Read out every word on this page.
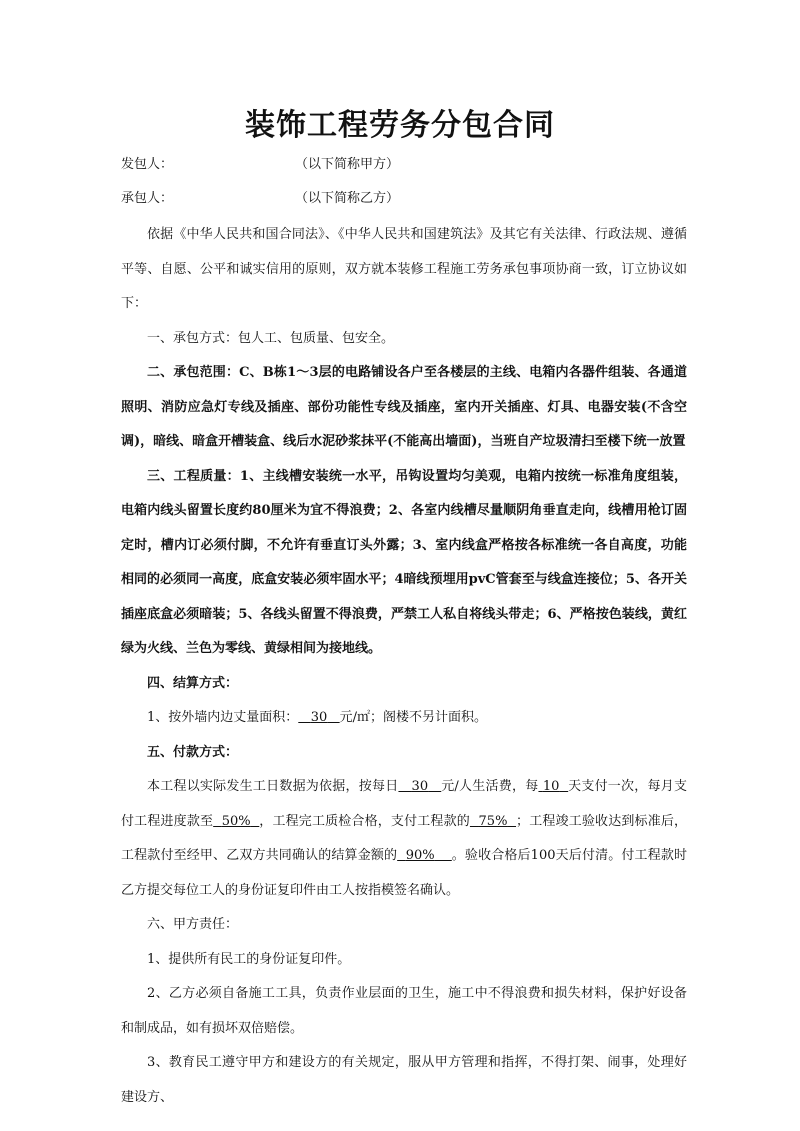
装饰工程劳务分包合同
发包人：	（以下简称甲方）
承包人：	（以下简称乙方）

依据《中华人民共和国合同法》、《中华人民共和国建筑法》及其它有关法律、行政法规、遵循平等、自愿、公平和诚实信用的原则，双方就本装修工程施工劳务承包事项协商一致，订立协议如下：

一、承包方式：包人工、包质量、包安全。

二、承包范围：C、B栋1～3层的电路铺设各户至各楼层的主线、电箱内各器件组装、各通道照明、消防应急灯专线及插座、部份功能性专线及插座，室内开关插座、灯具、电器安装(不含空调)，暗线、暗盒开槽装盒、线后水泥砂浆抹平(不能高出墙面)，当班自产垃圾清扫至楼下统一放置

三、工程质量：1、主线槽安装统一水平，吊钩设置均匀美观，电箱内按统一标准角度组装，电箱内线头留置长度约80厘米为宜不得浪费；2、各室内线槽尽量顺阴角垂直走向，线槽用枪订固定时，槽内订必须付脚，不允许有垂直订头外露；3、室内线盒严格按各标准统一各自高度，功能相同的必须同一高度，底盒安装必须牢固水平；4暗线预埋用pvC管套至与线盒连接位；5、各开关插座底盒必须暗装；5、各线头留置不得浪费，严禁工人私自将线头带走；6、严格按色装线，黄红绿为火线、兰色为零线、黄绿相间为接地线。

四、结算方式：

1、按外墙内边丈量面积： 30 元/㎡；阁楼不另计面积。

五、付款方式：

本工程以实际发生工日数据为依据，按每日 30 元/人生活费，每 10 天支付一次，每月支付工程进度款至 50% ，工程完工质检合格，支付工程款的 75% ；工程竣工验收达到标准后，工程款付至经甲、乙双方共同确认的结算金额的 90% 。验收合格后100天后付清。付工程款时乙方提交每位工人的身份证复印件由工人按指模签名确认。

六、甲方责任：

1、提供所有民工的身份证复印件。

2、乙方必须自备施工工具，负责作业层面的卫生，施工中不得浪费和损失材料，保护好设备和制成品，如有损坏双倍赔偿。

3、教育民工遵守甲方和建设方的有关规定，服从甲方管理和指挥，不得打架、闹事，处理好建设方、
